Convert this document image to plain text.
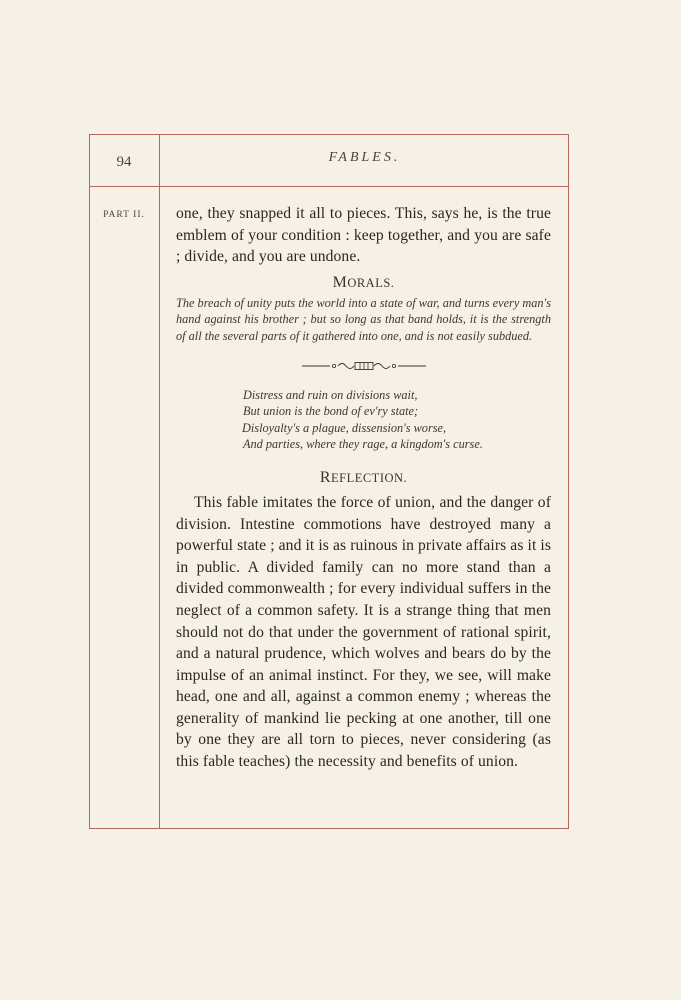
94	FABLES.
PART II.	one, they snapped it all to pieces. This, says he, is the true emblem of your condition : keep together, and you are safe ; divide, and you are undone.

MORALS.

The breach of unity puts the world into a state of war, and turns every man's hand against his brother ; but so long as that band holds, it is the strength of all the several parts of it gathered into one, and is not easily subdued.

Distress and ruin on divisions wait,
But union is the bond of ev'ry state;
Disloyalty's a plague, dissension's worse,
And parties, where they rage, a kingdom's curse.
REFLECTION.

This fable imitates the force of union, and the danger of division. Intestine commotions have destroyed many a powerful state ; and it is as ruinous in private affairs as it is in public. A divided family can no more stand than a divided commonwealth ; for every individual suffers in the neglect of a common safety. It is a strange thing that men should not do that under the government of rational spirit, and a natural prudence, which wolves and bears do by the impulse of an animal instinct. For they, we see, will make head, one and all, against a common enemy ; whereas the generality of mankind lie pecking at one another, till one by one they are all torn to pieces, never considering (as this fable teaches) the necessity and benefits of union.
